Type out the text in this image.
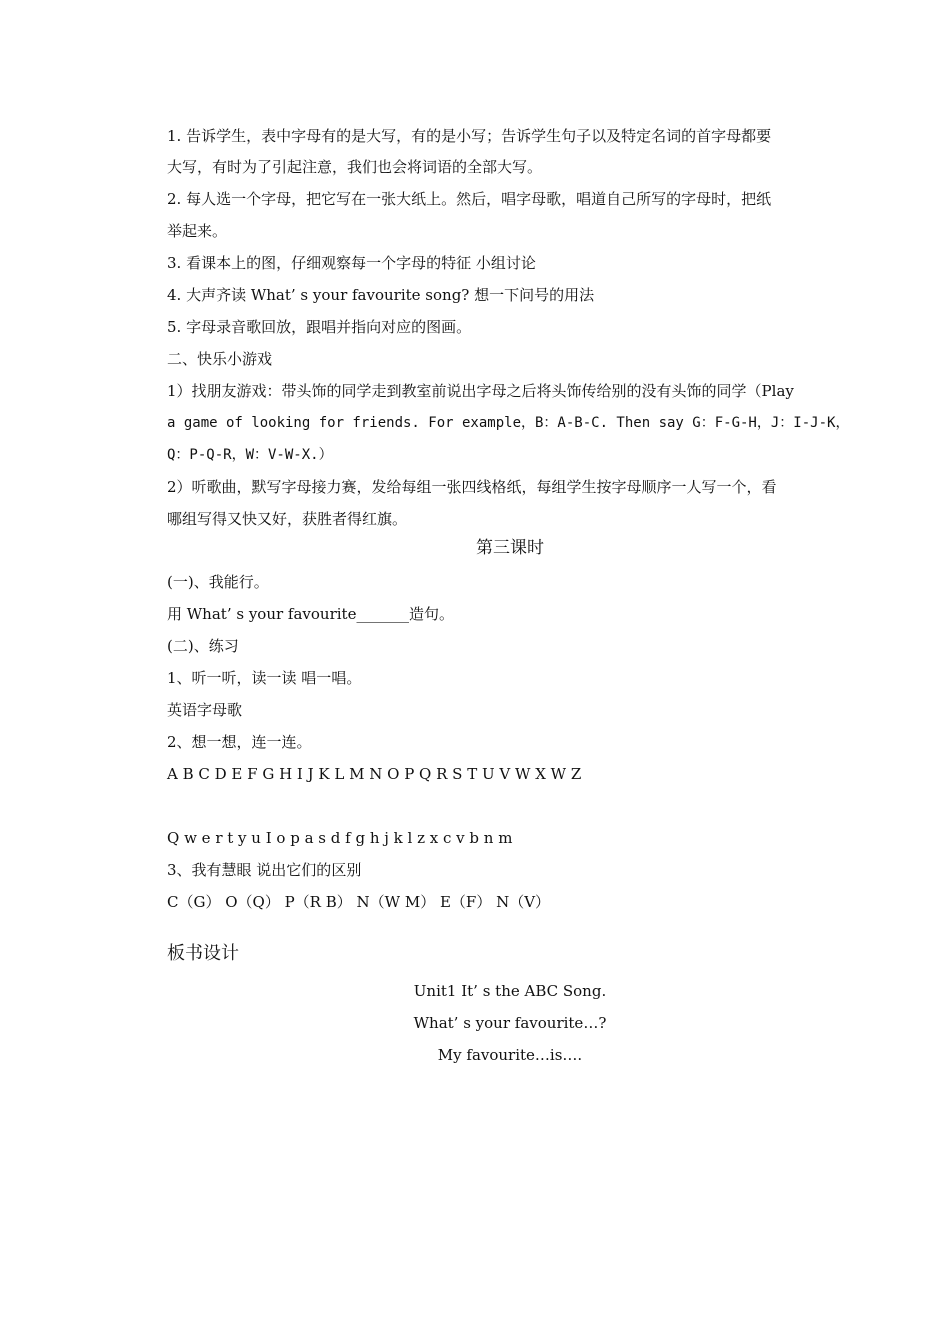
1. 告诉学生，表中字母有的是大写，有的是小写；告诉学生句子以及特定名词的首字母都要
大写，有时为了引起注意，我们也会将词语的全部大写。
2. 每人选一个字母，把它写在一张大纸上。然后，唱字母歌，唱道自己所写的字母时，把纸
举起来。
3. 看课本上的图，仔细观察每一个字母的特征 小组讨论
4. 大声齐读 What’ s your favourite song? 想一下问号的用法
5. 字母录音歌回放，跟唱并指向对应的图画。
二、快乐小游戏
1）找朋友游戏：带头饰的同学走到教室前说出字母之后将头饰传给别的没有头饰的同学（Play
a game of looking for friends. For example，B：A-B-C. Then say G：F-G-H，J：I-J-K，
Q：P-Q-R，W：V-W-X.）
2）听歌曲，默写字母接力赛，发给每组一张四线格纸，每组学生按字母顺序一人写一个，看
哪组写得又快又好，获胜者得红旗。
第三课时
(一)、我能行。
用 What’ s your favourite_______造句。
(二)、练习
1、听一听，读一读 唱一唱。
英语字母歌
2、想一想，连一连。
A B C D E F G H I J K L M N O P Q R S T U V W X W Z
Q w e r t y u I o p a s d f g h j k l z x c v b n m
3、我有慧眼 说出它们的区别
C（G） O（Q） P（R B） N（W M） E（F） N（V）
板书设计
Unit1 It’ s the ABC Song.
What’ s your favourite…?
My favourite…is….
